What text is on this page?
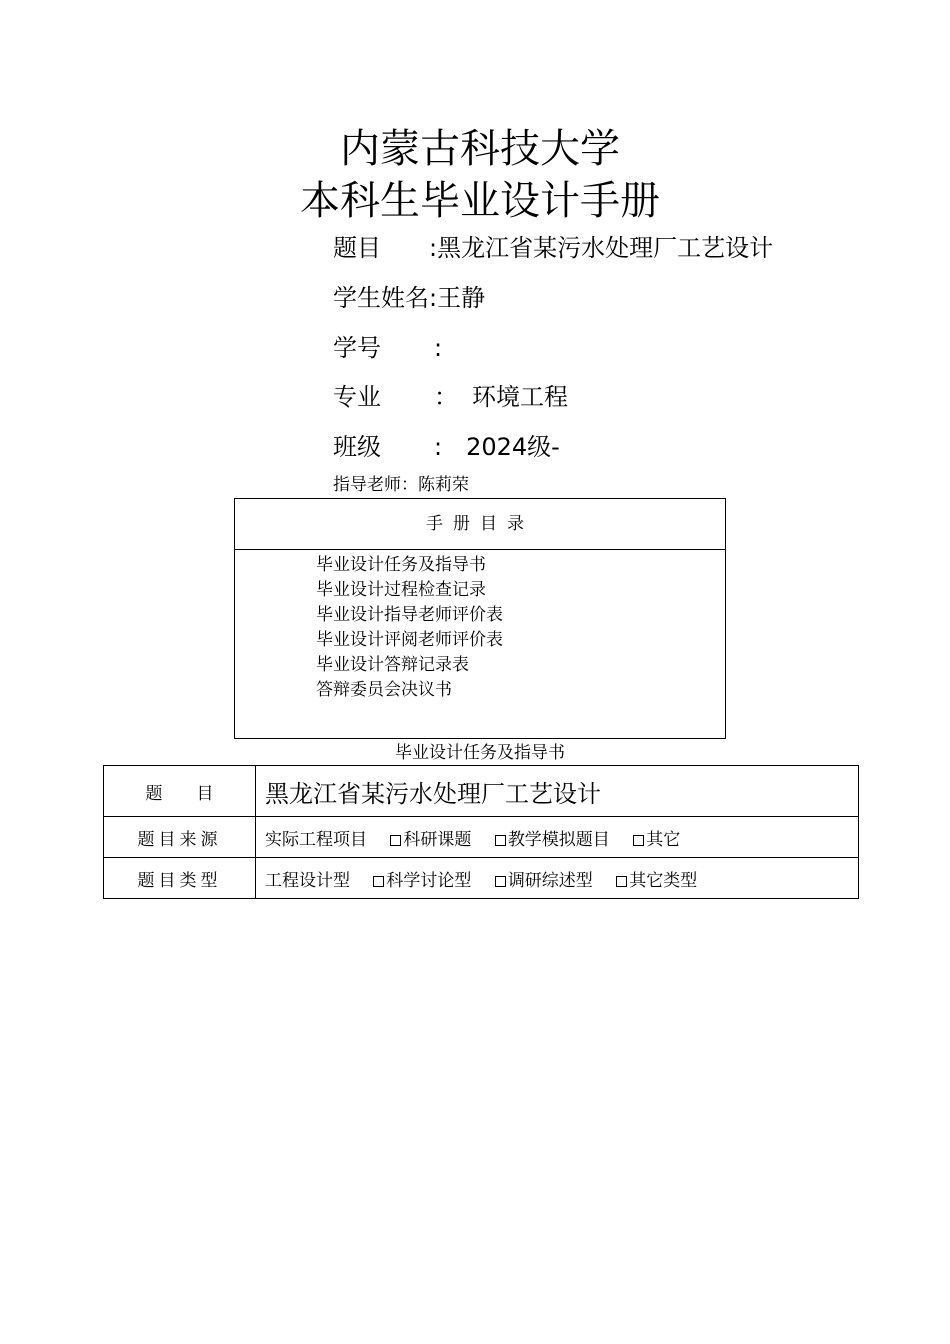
内蒙古科技大学
本科生毕业设计手册
题目 :黑龙江省某污水处理厂工艺设计
学生姓名:王静
学号 :
专业 ： 环境工程
班级 : 2024级-
指导老师：陈莉荣
手册目录
毕业设计任务及指导书
毕业设计过程检查记录
毕业设计指导老师评价表
毕业设计评阅老师评价表
毕业设计答辩记录表
答辩委员会决议书
毕业设计任务及指导书
题　　目	黑龙江省某污水处理厂工艺设计
题目来源	实际工程项目 科研课题 教学模拟题目 其它
题目类型	工程设计型 科学讨论型 调研综述型 其它类型
